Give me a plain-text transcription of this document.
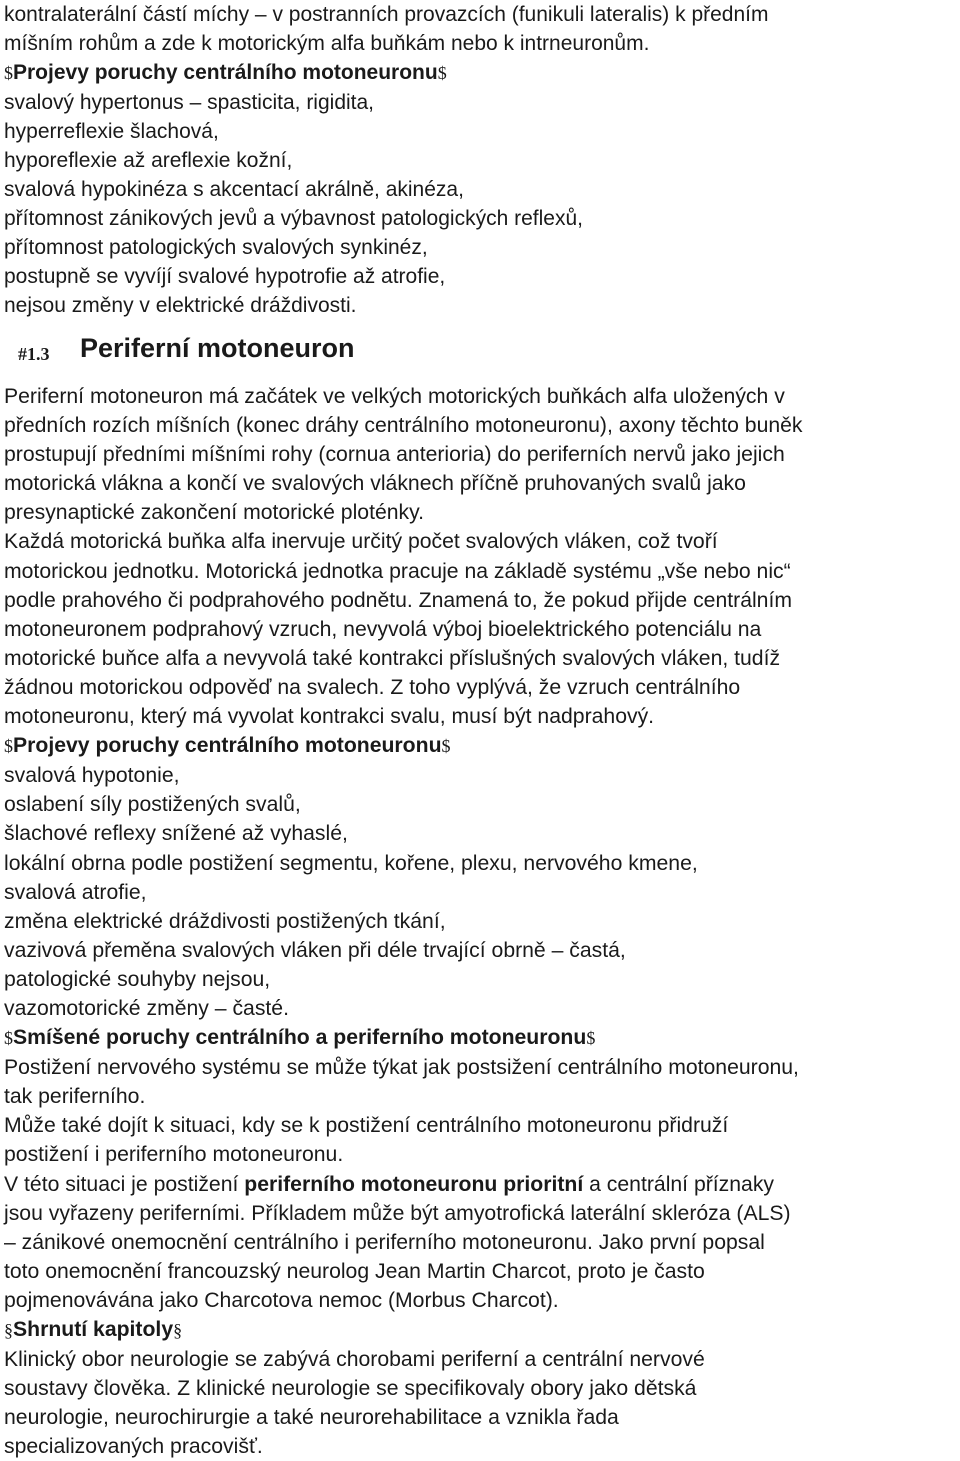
kontralaterální částí míchy – v postranních provazcích (funikuli lateralis) k předním
míšním rohům a zde k motorickým alfa buňkám nebo k intrneuronům.
$Projevy poruchy centrálního motoneuronu$
svalový hypertonus – spasticita, rigidita,
hyperreflexie šlachová,
hyporeflexie až areflexie kožní,
svalová hypokinéza s akcentací akrálně, akinéza,
přítomnost zánikových jevů a výbavnost patologických reflexů,
přítomnost patologických svalových synkinéz,
postupně se vyvíjí svalové hypotrofie až atrofie,
nejsou změny v elektrické dráždivosti.
#1.3 Periferní motoneuron
Periferní motoneuron má začátek ve velkých motorických buňkách alfa uložených v
předních rozích míšních (konec dráhy centrálního motoneuronu), axony těchto buněk
prostupují předními míšními rohy (cornua anterioria) do periferních nervů jako jejich
motorická vlákna a končí ve svalových vláknech příčně pruhovaných svalů jako
presynaptické zakončení motorické ploténky.
Každá motorická buňka alfa inervuje určitý počet svalových vláken, což tvoří
motorickou jednotku. Motorická jednotka pracuje na základě systému „vše nebo nic“
podle prahového či podprahového podnětu. Znamená to, že pokud přijde centrálním
motoneuronem podprahový vzruch, nevyvolá výboj bioelektrického potenciálu na
motorické buňce alfa a nevyvolá také kontrakci příslušných svalových vláken, tudíž
žádnou motorickou odpověď na svalech. Z toho vyplývá, že vzruch centrálního
motoneuronu, který má vyvolat kontrakci svalu, musí být nadprahový.
$Projevy poruchy centrálního motoneuronu$
svalová hypotonie,
oslabení síly postižených svalů,
šlachové reflexy snížené až vyhaslé,
lokální obrna podle postižení segmentu, kořene, plexu, nervového kmene,
svalová atrofie,
změna elektrické dráždivosti postižených tkání,
vazivová přeměna svalových vláken při déle trvající obrně – častá,
patologické souhyby nejsou,
vazomotorické změny – časté.
$Smíšené poruchy centrálního a periferního motoneuronu$
Postižení nervového systému se může týkat jak postsižení centrálního motoneuronu,
tak periferního.
Může také dojít k situaci, kdy se k postižení centrálního motoneuronu přidruží
postižení i periferního motoneuronu.
V této situaci je postižení periferního motoneuronu prioritní a centrální příznaky
jsou vyřazeny periferními. Příkladem může být amyotrofická laterální skleróza (ALS)
– zánikové onemocnění centrálního i periferního motoneuronu. Jako první popsal
toto onemocnění francouzský neurolog Jean Martin Charcot, proto je často
pojmenovávána jako Charcotova nemoc (Morbus Charcot).
§Shrnutí kapitoly§
Klinický obor neurologie se zabývá chorobami periferní a centrální nervové
soustavy člověka. Z klinické neurologie se specifikovaly obory jako dětská
neurologie, neurochirurgie a také neurorehabilitace a vznikla řada
specializovaných pracovišť.
